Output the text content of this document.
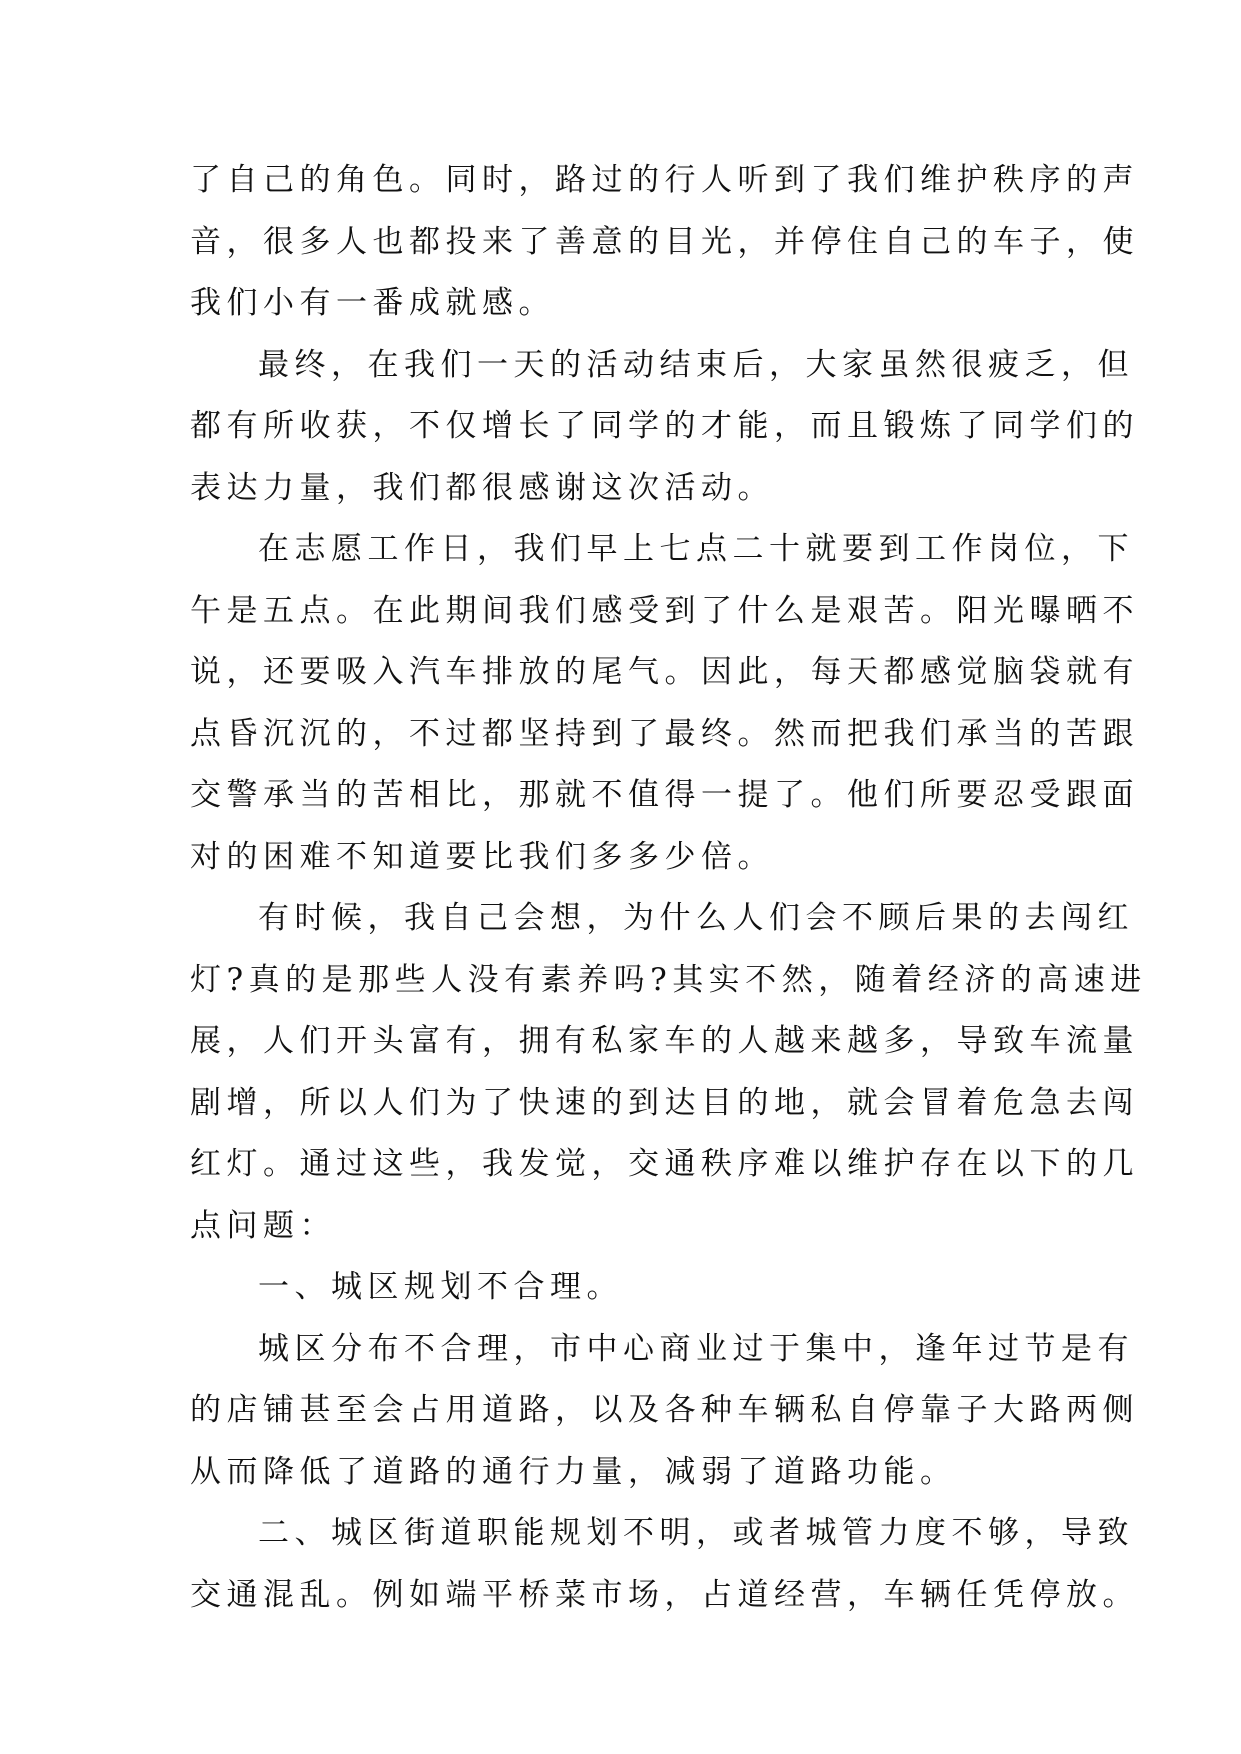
了自己的角色。同时，路过的行人听到了我们维护秩序的声
音，很多人也都投来了善意的目光，并停住自己的车子，使
我们小有一番成就感。

最终，在我们一天的活动结束后，大家虽然很疲乏，但
都有所收获，不仅增长了同学的才能，而且锻炼了同学们的
表达力量，我们都很感谢这次活动。

在志愿工作日，我们早上七点二十就要到工作岗位，下
午是五点。在此期间我们感受到了什么是艰苦。阳光曝晒不
说，还要吸入汽车排放的尾气。因此，每天都感觉脑袋就有
点昏沉沉的，不过都坚持到了最终。然而把我们承当的苦跟
交警承当的苦相比，那就不值得一提了。他们所要忍受跟面
对的困难不知道要比我们多多少倍。

有时候，我自己会想，为什么人们会不顾后果的去闯红
灯?真的是那些人没有素养吗?其实不然，随着经济的高速进
展，人们开头富有，拥有私家车的人越来越多，导致车流量
剧增，所以人们为了快速的到达目的地，就会冒着危急去闯
红灯。通过这些，我发觉，交通秩序难以维护存在以下的几
点问题：

一、城区规划不合理。

城区分布不合理，市中心商业过于集中，逢年过节是有
的店铺甚至会占用道路，以及各种车辆私自停靠子大路两侧
从而降低了道路的通行力量，减弱了道路功能。

二、城区街道职能规划不明，或者城管力度不够，导致
交通混乱。例如端平桥菜市场，占道经营，车辆任凭停放。
